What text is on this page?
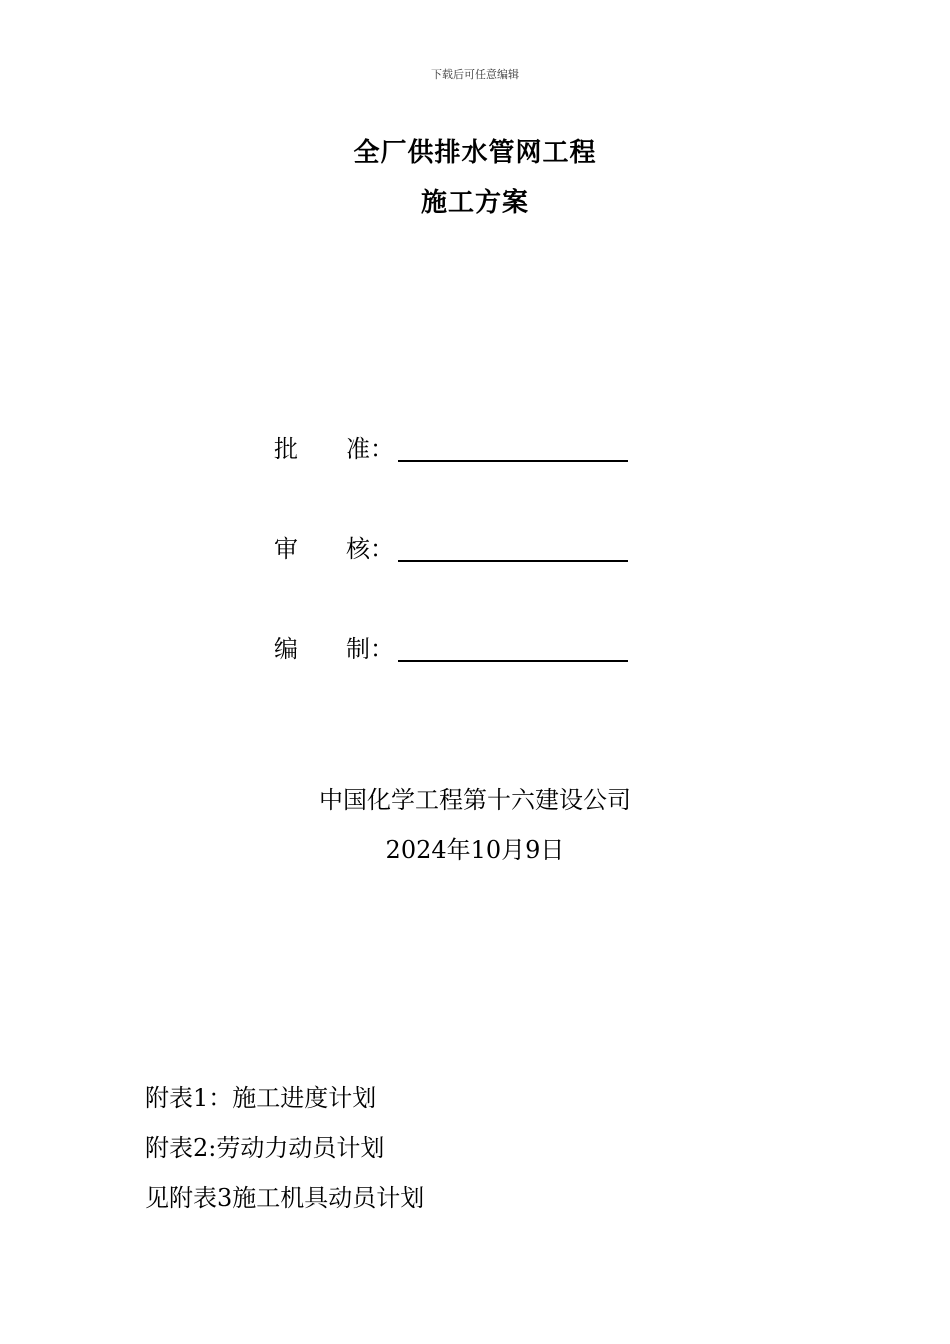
下载后可任意编辑
全厂供排水管网工程
施工方案
批	准 ：
审	核 ：
编	制 ：
中国化学工程第十六建设公司
2024年10月9日
附表1：施工进度计划
附表2:劳动力动员计划
见附表3施工机具动员计划
